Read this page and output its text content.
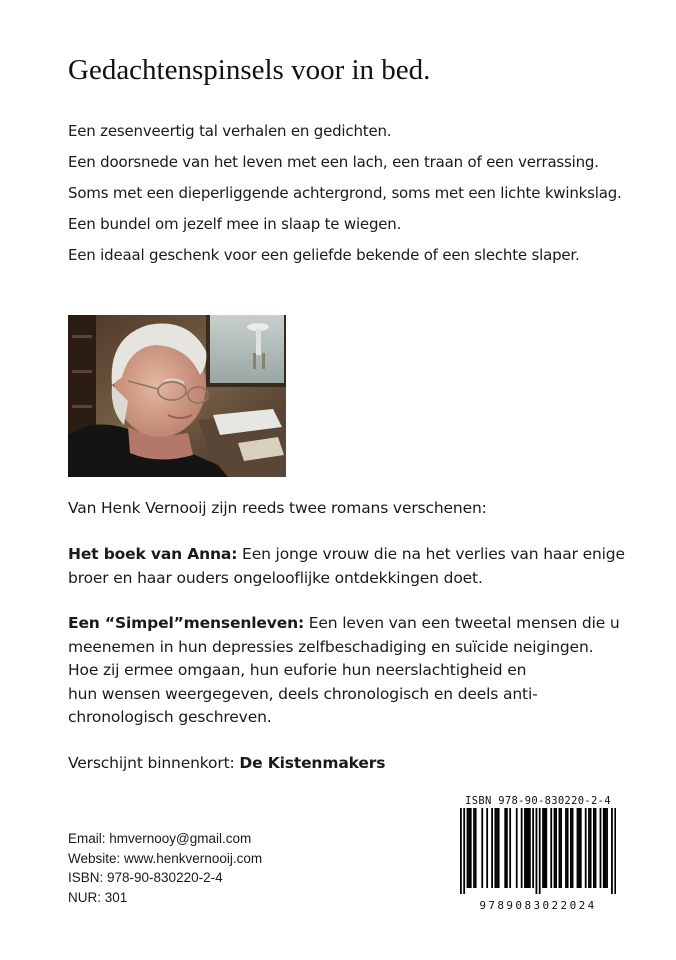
Gedachtenspinsels voor in bed.
Een zesenveertig tal verhalen en gedichten.
Een doorsnede van het leven met een lach, een traan of een verrassing.
Soms met een dieperliggende achtergrond, soms met een lichte kwinkslag.
Een bundel om jezelf mee in slaap te wiegen.
Een ideaal geschenk voor een geliefde bekende of een slechte slaper.

Van Henk Vernooij zijn reeds twee romans verschenen:

Het boek van Anna: Een jonge vrouw die na het verlies van haar enige
broer en haar ouders ongelooflijke ontdekkingen doet.

Een “Simpel”mensenleven: Een leven van een tweetal mensen die u
meenemen in hun depressies zelfbeschadiging en suïcide neigingen.
Hoe zij ermee omgaan, hun euforie hun neerslachtigheid en
hun wensen weergegeven, deels chronologisch en deels anti-
chronologisch geschreven.

Verschijnt binnenkort: De Kistenmakers

Email: hmvernooy@gmail.com
Website: www.henkvernooij.com
ISBN: 978-90-830220-2-4
NUR: 301
ISBN 978-90-830220-2-4
9789083022024
